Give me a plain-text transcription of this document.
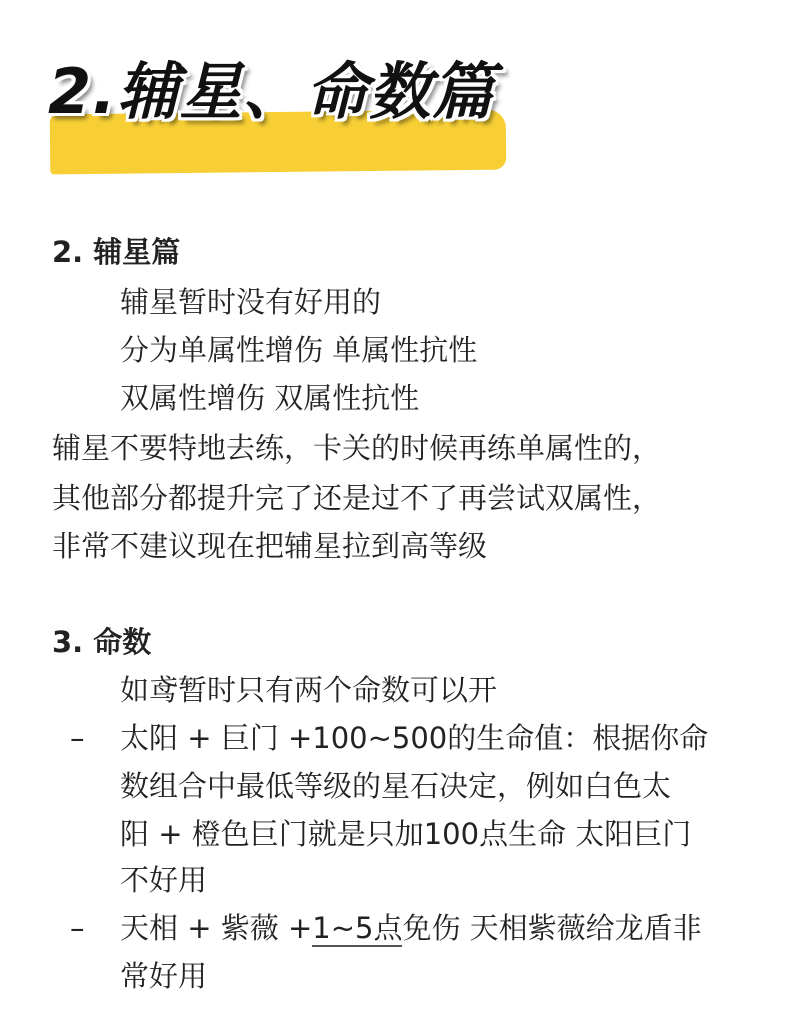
2.辅星、命数篇
2. 辅星篇
辅星暂时没有好用的
分为单属性增伤 单属性抗性
双属性增伤 双属性抗性
辅星不要特地去练，卡关的时候再练单属性的，
其他部分都提升完了还是过不了再尝试双属性，
非常不建议现在把辅星拉到高等级
3. 命数
如鸢暂时只有两个命数可以开
– 太阳 + 巨门 +100~500的生命值：根据你命
数组合中最低等级的星石决定，例如白色太
阳 + 橙色巨门就是只加100点生命 太阳巨门
不好用
– 天相 + 紫薇 +1~5点免伤 天相紫薇给龙盾非
常好用
